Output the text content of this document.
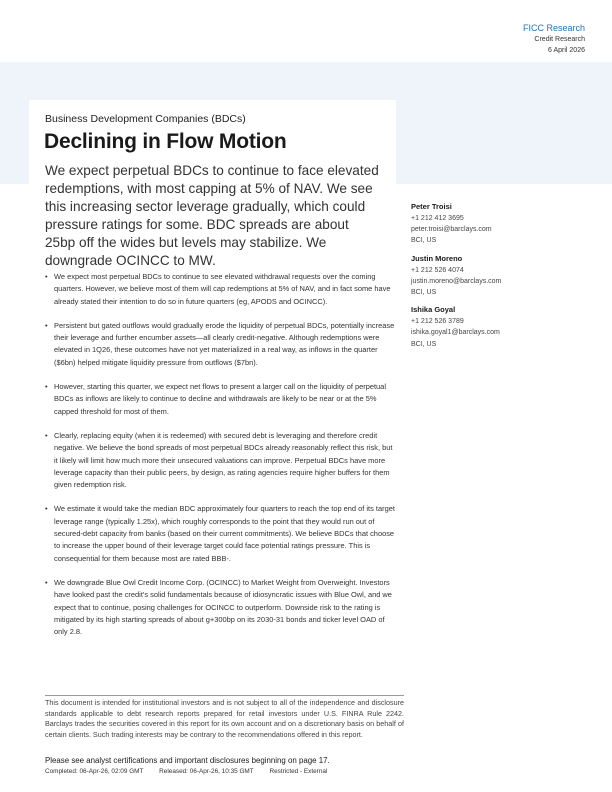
FICC Research
Credit Research
6 April 2026
Business Development Companies (BDCs)
Declining in Flow Motion

We expect perpetual BDCs to continue to face elevated redemptions, with most capping at 5% of NAV. We see this increasing sector leverage gradually, which could pressure ratings for some. BDC spreads are about 25bp off the wides but levels may stabilize. We downgrade OCINCC to MW.

• We expect most perpetual BDCs to continue to see elevated withdrawal requests over the coming quarters. However, we believe most of them will cap redemptions at 5% of NAV, and in fact some have already stated their intention to do so in future quarters (eg, APODS and OCINCC).
• Persistent but gated outflows would gradually erode the liquidity of perpetual BDCs, potentially increase their leverage and further encumber assets—all clearly credit-negative. Although redemptions were elevated in 1Q26, these outcomes have not yet materialized in a real way, as inflows in the quarter ($6bn) helped mitigate liquidity pressure from outflows ($7bn).
• However, starting this quarter, we expect net flows to present a larger call on the liquidity of perpetual BDCs as inflows are likely to continue to decline and withdrawals are likely to be near or at the 5% capped threshold for most of them.
• Clearly, replacing equity (when it is redeemed) with secured debt is leveraging and therefore credit negative. We believe the bond spreads of most perpetual BDCs already reasonably reflect this risk, but it likely will limit how much more their unsecured valuations can improve. Perpetual BDCs have more leverage capacity than their public peers, by design, as rating agencies require higher buffers for them given redemption risk.
• We estimate it would take the median BDC approximately four quarters to reach the top end of its target leverage range (typically 1.25x), which roughly corresponds to the point that they would run out of secured-debt capacity from banks (based on their current commitments). We believe BDCs that choose to increase the upper bound of their leverage target could face potential ratings pressure. This is consequential for them because most are rated BBB-.
• We downgrade Blue Owl Credit Income Corp. (OCINCC) to Market Weight from Overweight. Investors have looked past the credit's solid fundamentals because of idiosyncratic issues with Blue Owl, and we expect that to continue, posing challenges for OCINCC to outperform. Downside risk to the rating is mitigated by its high starting spreads of about g+300bp on its 2030-31 bonds and ticker level OAD of only 2.8.
Peter Troisi
+1 212 412 3695
peter.troisi@barclays.com
BCI, US
Justin Moreno
+1 212 526 4074
justin.moreno@barclays.com
BCI, US
Ishika Goyal
+1 212 526 3789
ishika.goyal1@barclays.com
BCI, US

This document is intended for institutional investors and is not subject to all of the independence and disclosure standards applicable to debt research reports prepared for retail investors under U.S. FINRA Rule 2242. Barclays trades the securities covered in this report for its own account and on a discretionary basis on behalf of certain clients. Such trading interests may be contrary to the recommendations offered in this report.

Please see analyst certifications and important disclosures beginning on page 17.

Completed: 06-Apr-26, 02:09 GMT Released: 06-Apr-26, 10:35 GMT Restricted - External
